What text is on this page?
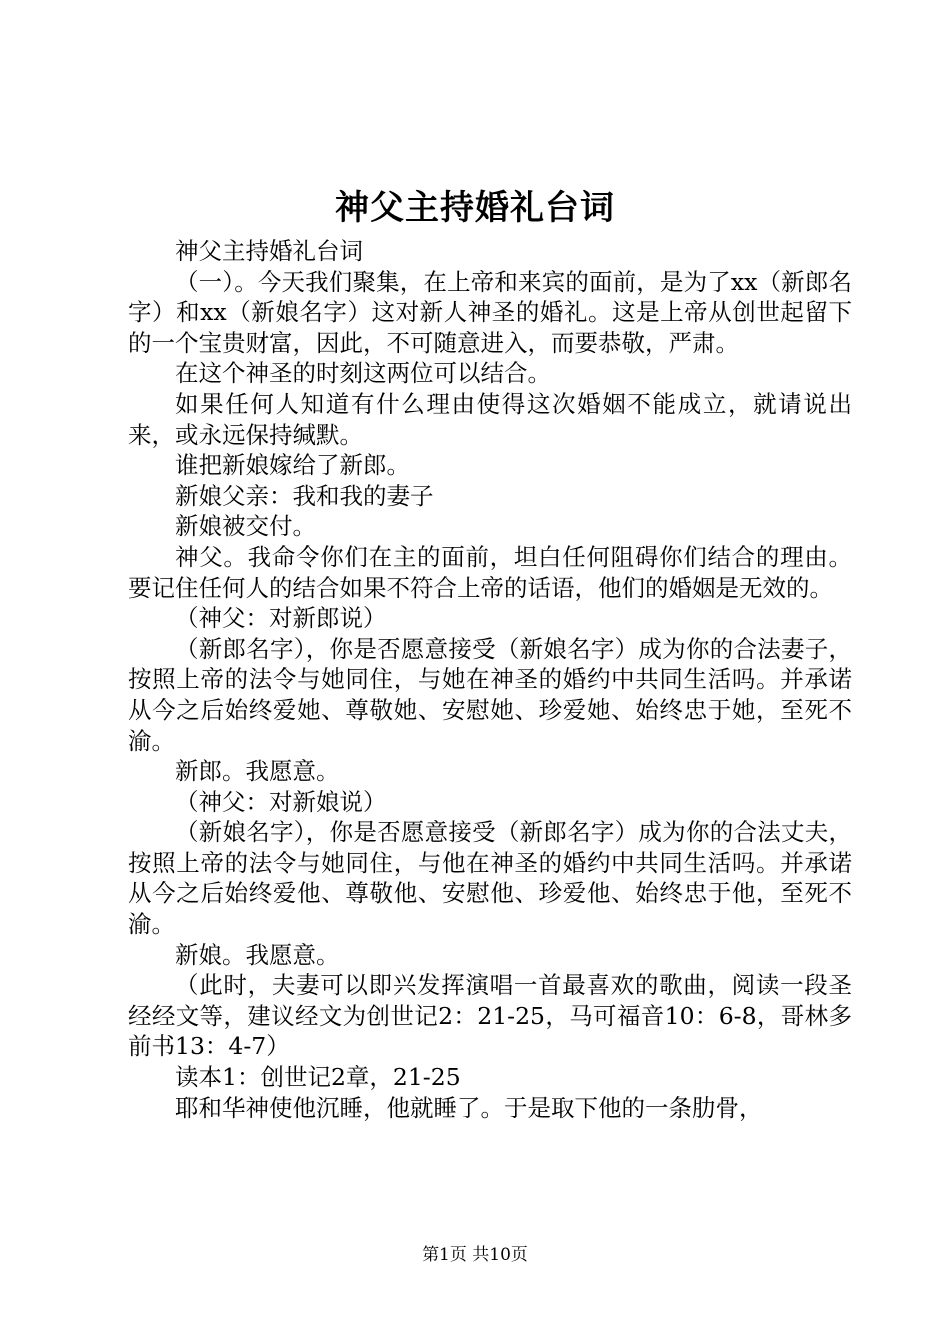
神父主持婚礼台词

神父主持婚礼台词

（一）。今天我们聚集，在上帝和来宾的面前，是为了xx（新郎名字）和xx（新娘名字）这对新人神圣的婚礼。这是上帝从创世起留下的一个宝贵财富，因此，不可随意进入，而要恭敬，严肃。

在这个神圣的时刻这两位可以结合。

如果任何人知道有什么理由使得这次婚姻不能成立，就请说出来，或永远保持缄默。

谁把新娘嫁给了新郎。

新娘父亲：我和我的妻子

新娘被交付。

神父。我命令你们在主的面前，坦白任何阻碍你们结合的理由。要记住任何人的结合如果不符合上帝的话语，他们的婚姻是无效的。

（神父：对新郎说）

（新郎名字），你是否愿意接受（新娘名字）成为你的合法妻子，按照上帝的法令与她同住，与她在神圣的婚约中共同生活吗。并承诺从今之后始终爱她、尊敬她、安慰她、珍爱她、始终忠于她，至死不渝。

新郎。我愿意。

（神父：对新娘说）

（新娘名字），你是否愿意接受（新郎名字）成为你的合法丈夫，按照上帝的法令与她同住，与他在神圣的婚约中共同生活吗。并承诺从今之后始终爱他、尊敬他、安慰他、珍爱他、始终忠于他，至死不渝。

新娘。我愿意。

（此时，夫妻可以即兴发挥演唱一首最喜欢的歌曲，阅读一段圣经经文等，建议经文为创世记2：21-25，马可福音10：6-8，哥林多前书13：4-7）

读本1：创世记2章，21-25

耶和华神使他沉睡，他就睡了。于是取下他的一条肋骨，

第1页 共10页
